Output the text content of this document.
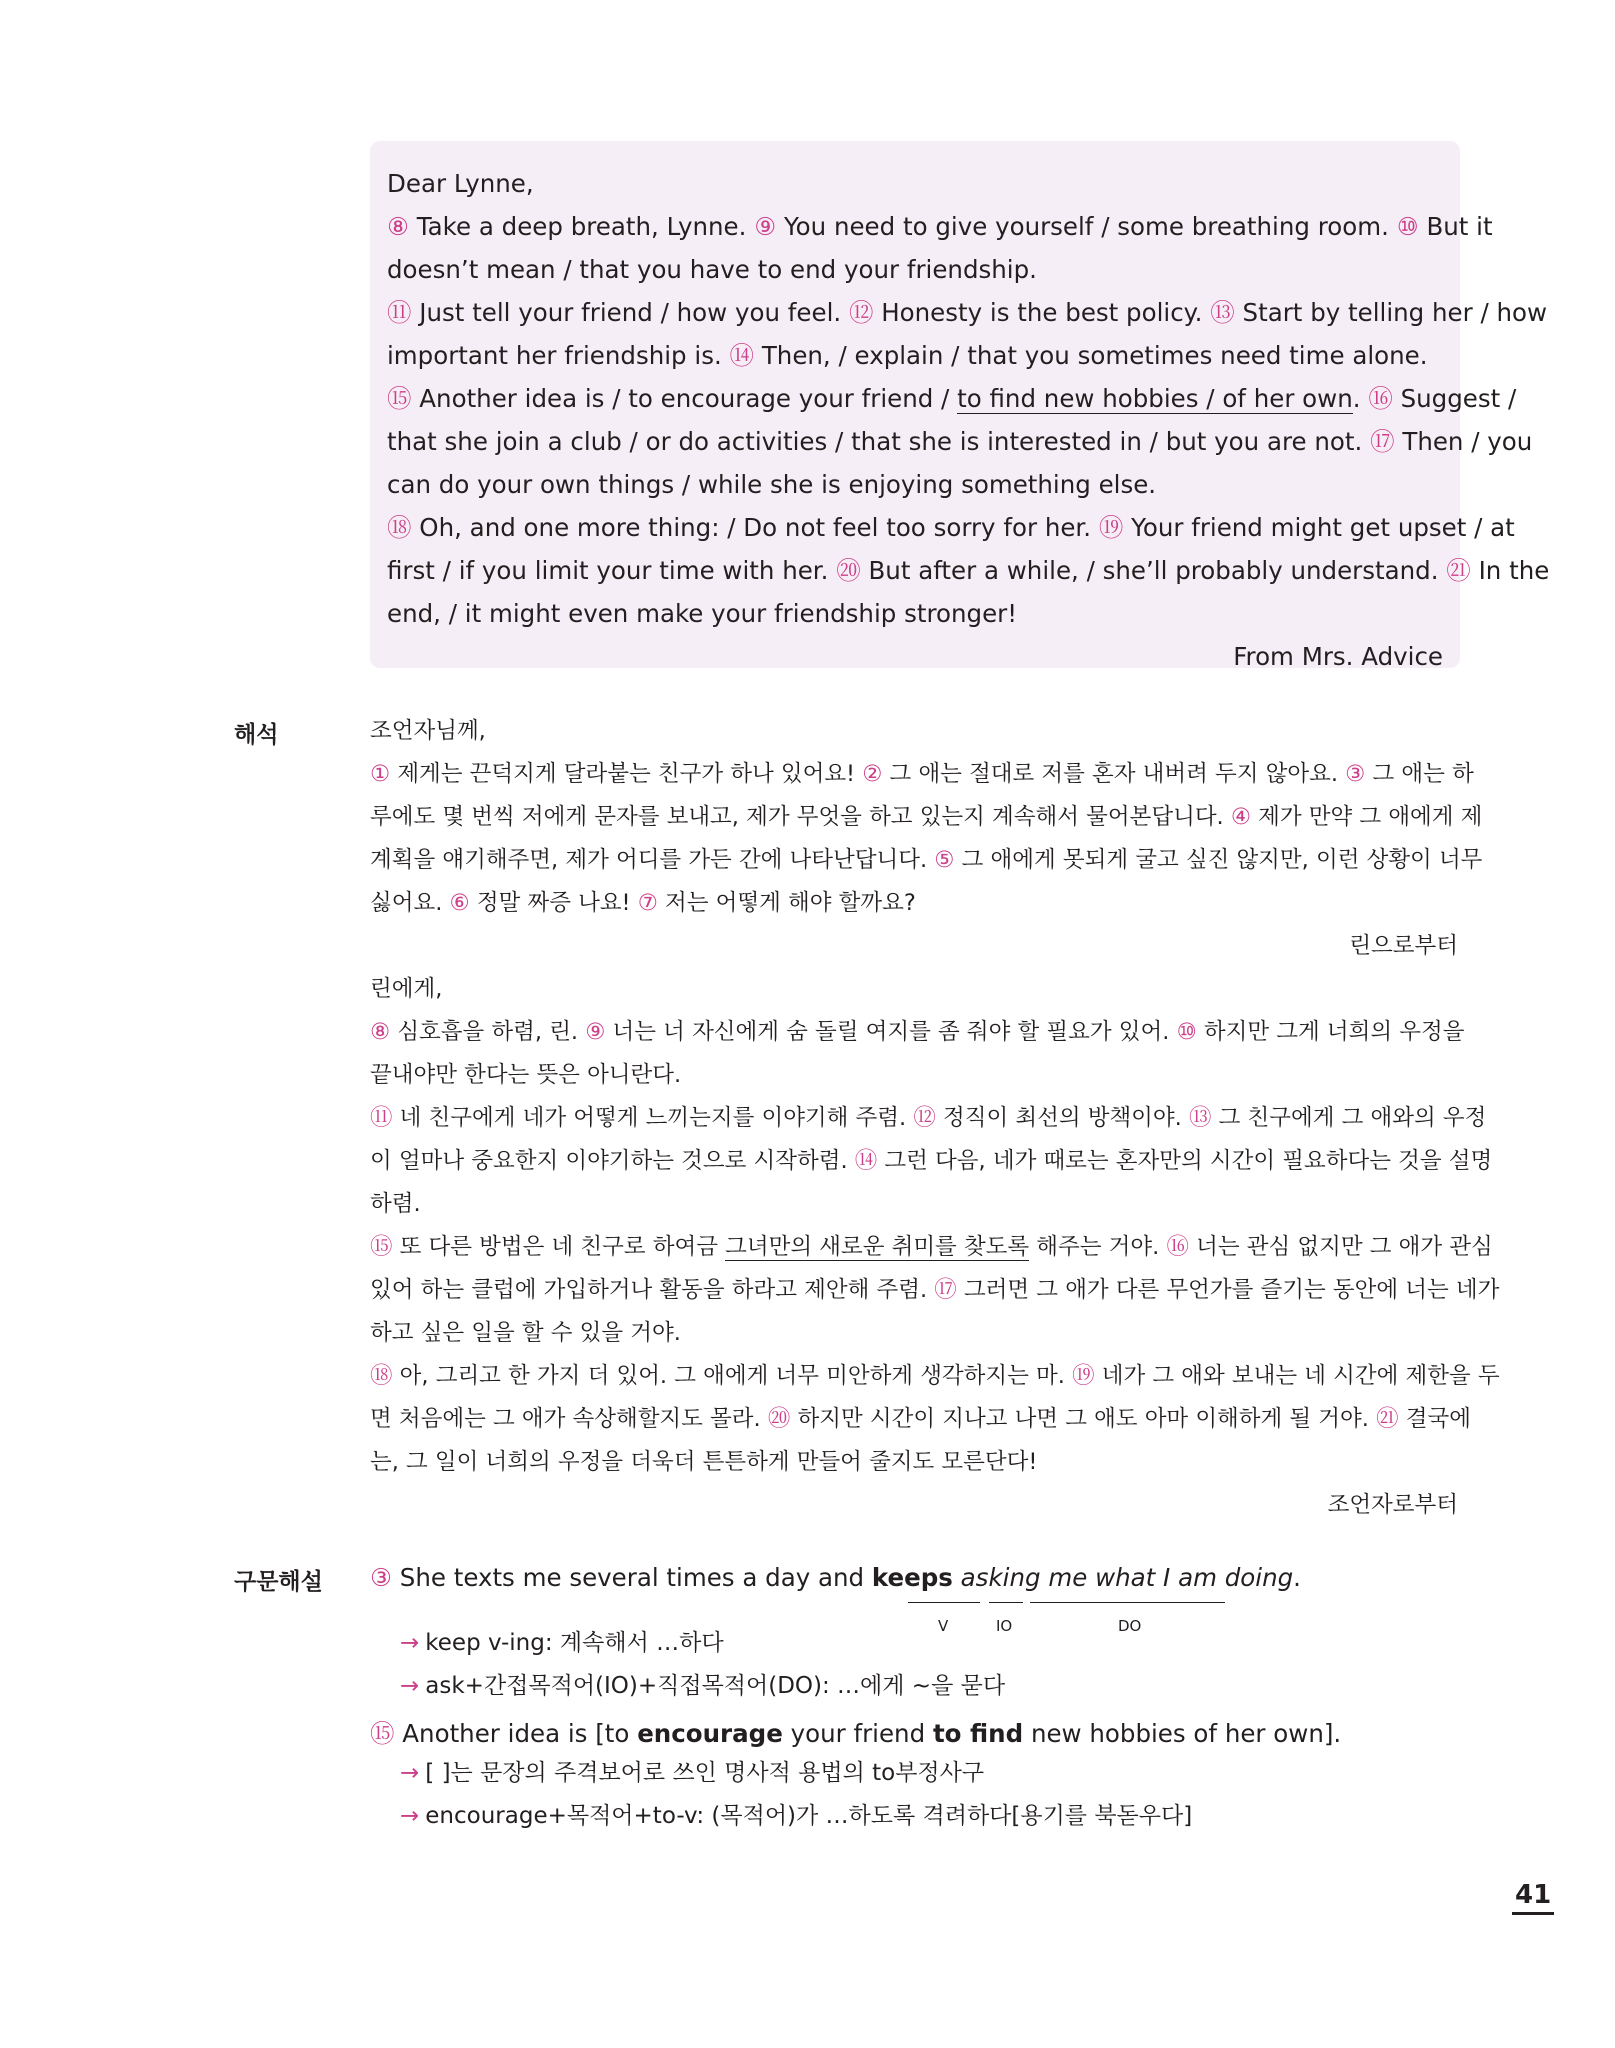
Dear Lynne,
⑧ Take a deep breath, Lynne. ⑨ You need to give yourself / some breathing room. ⑩ But it
doesn’t mean / that you have to end your friendship.
⑪ Just tell your friend / how you feel. ⑫ Honesty is the best policy. ⑬ Start by telling her / how
important her friendship is. ⑭ Then, / explain / that you sometimes need time alone.
⑮ Another idea is / to encourage your friend / to find new hobbies / of her own. ⑯ Suggest /
that she join a club / or do activities / that she is interested in / but you are not. ⑰ Then / you
can do your own things / while she is enjoying something else.
⑱ Oh, and one more thing: / Do not feel too sorry for her. ⑲ Your friend might get upset / at
first / if you limit your time with her. ⑳ But after a while, / she’ll probably understand. ㉑ In the
end, / it might even make your friendship stronger!
From Mrs. Advice
해석	조언자님께,
① 제게는 끈덕지게 달라붙는 친구가 하나 있어요! ② 그 애는 절대로 저를 혼자 내버려 두지 않아요. ③ 그 애는 하
루에도 몇 번씩 저에게 문자를 보내고, 제가 무엇을 하고 있는지 계속해서 물어본답니다. ④ 제가 만약 그 애에게 제
계획을 얘기해주면, 제가 어디를 가든 간에 나타난답니다. ⑤ 그 애에게 못되게 굴고 싶진 않지만, 이런 상황이 너무
싫어요. ⑥ 정말 짜증 나요! ⑦ 저는 어떻게 해야 할까요?
린으로부터
린에게,
⑧ 심호흡을 하렴, 린. ⑨ 너는 너 자신에게 숨 돌릴 여지를 좀 줘야 할 필요가 있어. ⑩ 하지만 그게 너희의 우정을
끝내야만 한다는 뜻은 아니란다.
⑪ 네 친구에게 네가 어떻게 느끼는지를 이야기해 주렴. ⑫ 정직이 최선의 방책이야. ⑬ 그 친구에게 그 애와의 우정
이 얼마나 중요한지 이야기하는 것으로 시작하렴. ⑭ 그런 다음, 네가 때로는 혼자만의 시간이 필요하다는 것을 설명
하렴.
⑮ 또 다른 방법은 네 친구로 하여금 그녀만의 새로운 취미를 찾도록 해주는 거야. ⑯ 너는 관심 없지만 그 애가 관심
있어 하는 클럽에 가입하거나 활동을 하라고 제안해 주렴. ⑰ 그러면 그 애가 다른 무언가를 즐기는 동안에 너는 네가
하고 싶은 일을 할 수 있을 거야.
⑱ 아, 그리고 한 가지 더 있어. 그 애에게 너무 미안하게 생각하지는 마. ⑲ 네가 그 애와 보내는 네 시간에 제한을 두
면 처음에는 그 애가 속상해할지도 몰라. ⑳ 하지만 시간이 지나고 나면 그 애도 아마 이해하게 될 거야. ㉑ 결국에
는, 그 일이 너희의 우정을 더욱더 튼튼하게 만들어 줄지도 모른단다!
조언자로부터
구문해설 ③ She texts me several times a day and keeps asking me what I am doing.
V	IO	DO
→ keep v-ing: 계속해서 …하다
→ ask+간접목적어(IO)+직접목적어(DO): …에게 ~을 묻다
⑮ Another idea is [to encourage your friend to find new hobbies of her own].
→ [ ]는 문장의 주격보어로 쓰인 명사적 용법의 to부정사구
→ encourage+목적어+to-v: (목적어)가 …하도록 격려하다[용기를 북돋우다]
41
